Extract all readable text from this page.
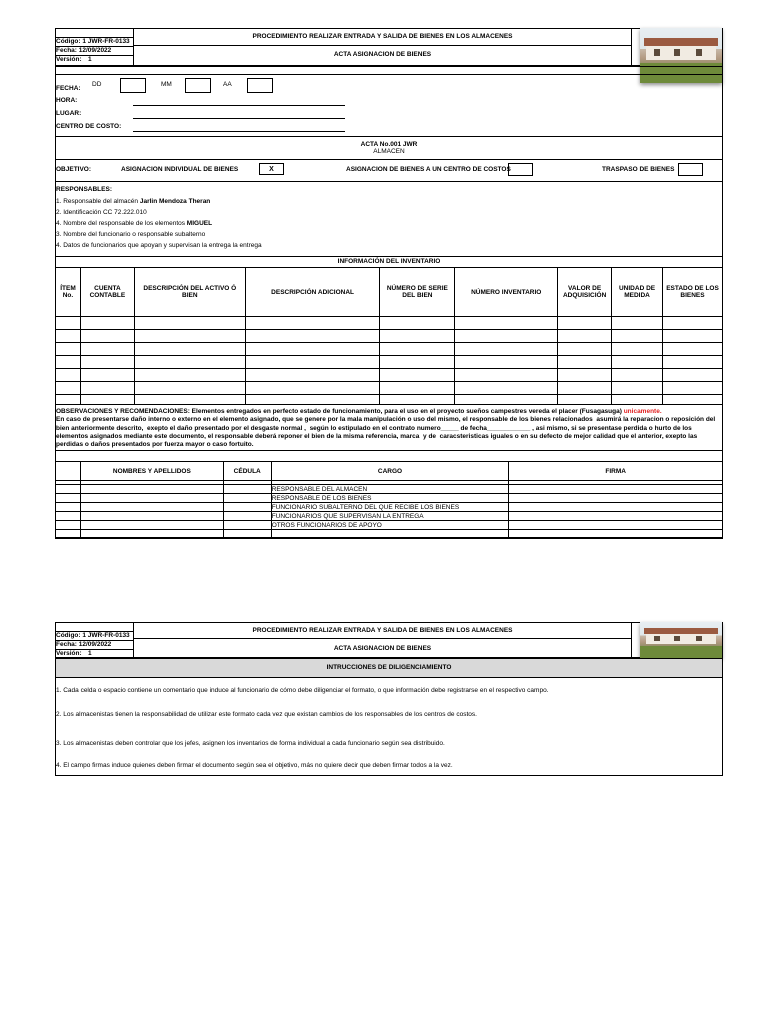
Código: 1 JWR-FR-0133
Fecha: 12/09/2022
Versión: 1
PROCEDIMIENTO REALIZAR ENTRADA Y SALIDA DE BIENES EN LOS ALMACENES
ACTA ASIGNACION DE BIENES
FECHA:
DD	MM	AA
HORA:
LUGAR:
CENTRO DE COSTO:
ACTA No.001 JWR
ALMACEN
OBJETIVO:	ASIGNACION INDIVIDUAL DE BIENES	X	ASIGNACION DE BIENES A UN CENTRO DE COSTOS	TRASPASO DE BIENES
RESPONSABLES:
1. Responsable del almacén Jarlin Mendoza Theran
2. Identificación CC 72.222.010
4. Nombre del responsable de los elementos MIGUEL
3. Nombre del funcionario o responsable subalterno
4. Datos de funcionarios que apoyan y supervisan la entrega la entrega
INFORMACIÓN DEL INVENTARIO
ÍTEM No.	CUENTA CONTABLE	DESCRIPCIÓN DEL ACTIVO Ó BIEN	DESCRIPCIÓN ADICIONAL	NÚMERO DE SERIE DEL BIEN	NÚMERO INVENTARIO	VALOR DE ADQUISICIÓN	UNIDAD DE MEDIDA	ESTADO DE LOS BIENES

OBSERVACIONES Y RECOMENDACIONES: Elementos entregados en perfecto estado de funcionamiento, para el uso en el proyecto sueños campestres vereda el placer (Fusagasuga) unicamente.                                       En caso de presentarse daño interno o externo en el elemento asignado, que se genere por la mala manipulación o uso del mismo, el responsable de los bienes relacionados  asumirá la reparacion o reposición del bien anteriormente descrito,  exepto el daño presentado por el desgaste normal ,  según lo estipulado en el contrato numero_____ de fecha____________ , asi mismo, si se presentase perdida o hurto de los elementos asignados mediante este documento, el responsable deberá reponer el bien de la misma referencia, marca  y de  caracsteristicas iguales o en su defecto de mejor calidad que el anterior, exepto las perdidas o daños presentados por fuerza mayor o caso fortuito.
	NOMBRES Y APELLIDOS	CÉDULA	CARGO	FIRMA

			RESPONSABLE DEL ALMACEN	
			RESPONSABLE DE LOS BIENES	
			FUNCIONARIO SUBALTERNO DEL QUE RECIBE LOS BIENES	
			FUNCIONARIOS QUE SUPERVISAN LA ENTREGA	
			OTROS FUNCIONARIOS DE APOYO	

Código: 1 JWR-FR-0133
Fecha: 12/09/2022
Versión: 1
PROCEDIMIENTO REALIZAR ENTRADA Y SALIDA DE BIENES EN LOS ALMACENES
ACTA ASIGNACION DE BIENES
INTRUCCIONES DE DILIGENCIAMIENTO
1. Cada celda o espacio contiene un comentario que induce al funcionario de cómo debe diligenciar el formato, o que información debe registrarse en el respectivo campo.
2. Los almacenistas tienen la responsabilidad de utilizar este formato cada vez que existan cambios de los responsables de los centros de costos.
3. Los almacenistas deben controlar que los jefes, asignen los inventarios de forma individual a cada funcionario según sea distribuido.
4. El campo firmas induce quienes deben firmar el documento según sea el objetivo, más no quiere decir que deben firmar todos a la vez.
